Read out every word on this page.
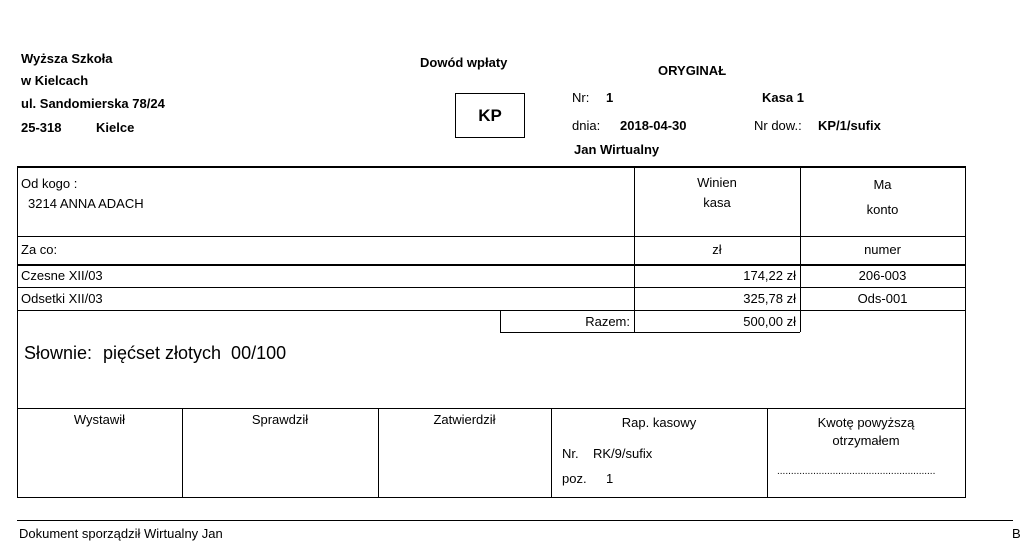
Wyższa Szkoła
w Kielcach
ul. Sandomierska 78/24
25-318	Kielce
Dowód wpłaty
KP
ORYGINAŁ
Nr: 1	Kasa 1
dnia: 2018-04-30	Nr dow.: KP/1/sufix
Jan Wirtualny
Od kogo :
3214 ANNA ADACH
Winien
kasa
Ma
konto
Za co:	zł	numer
Czesne XII/03	174,22 zł	206-003
Odsetki XII/03	325,78 zł	Ods-001
Razem:	500,00 zł
Słownie: pięćset złotych  00/100
Wystawił	Sprawdził	Zatwierdził	Rap. kasowy
Nr. RK/9/sufix
poz. 1
Kwotę powyższą
otrzymałem
.........................................................
Dokument sporządził Wirtualny Jan	B
